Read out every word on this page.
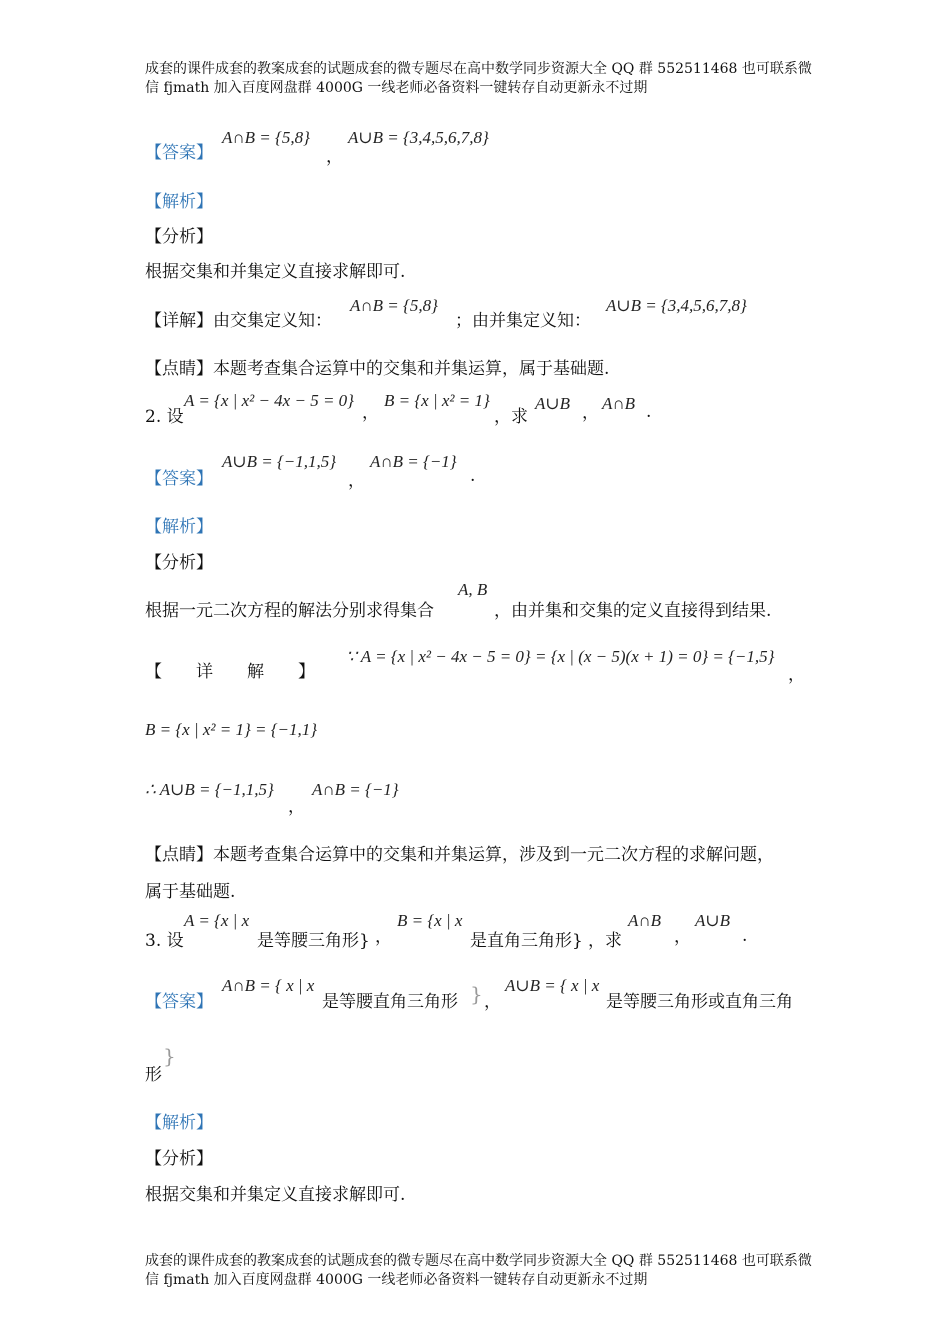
成套的课件成套的教案成套的试题成套的微专题尽在高中数学同步资源大全 QQ 群 552511468 也可联系微
信 fjmath 加入百度网盘群 4000G 一线老师必备资料一键转存自动更新永不过期
【答案】
A∩B = {5,8}
，
A∪B = {3,4,5,6,7,8}
【解析】
【分析】
根据交集和并集定义直接求解即可.
【详解】由交集定义知：
A∩B = {5,8}
；由并集定义知：
A∪B = {3,4,5,6,7,8}
【点睛】本题考查集合运算中的交集和并集运算，属于基础题.
2. 设
A = {x | x² − 4x − 5 = 0}
，
B = {x | x² = 1}
，求
A∪B ， A∩B .
【答案】
A∪B = {−1,1,5}
，
A∩B = {−1}
.
【解析】
【分析】
根据一元二次方程的解法分别求得集合
A, B
，由并集和交集的定义直接得到结果.
【 详 解 】
∵ A = {x | x² − 4x − 5 = 0} = {x | (x − 5)(x + 1) = 0} = {−1,5}
，
B = {x | x² = 1} = {−1,1}
∴ A∪B = {−1,1,5}
，
A∩B = {−1}
【点睛】本题考查集合运算中的交集和并集运算，涉及到一元二次方程的求解问题，
属于基础题.
3. 设
A = {x | x
是等腰三角形} ，
B = {x | x
是直角三角形} ，求
A∩B
，
A∪B
.
【答案】
A∩B = { x | x
是等腰直角三角形 } ，
A∪B = { x | x
是等腰三角形或直角三角
}
形
【解析】
【分析】
根据交集和并集定义直接求解即可.
成套的课件成套的教案成套的试题成套的微专题尽在高中数学同步资源大全 QQ 群 552511468 也可联系微
信 fjmath 加入百度网盘群 4000G 一线老师必备资料一键转存自动更新永不过期
